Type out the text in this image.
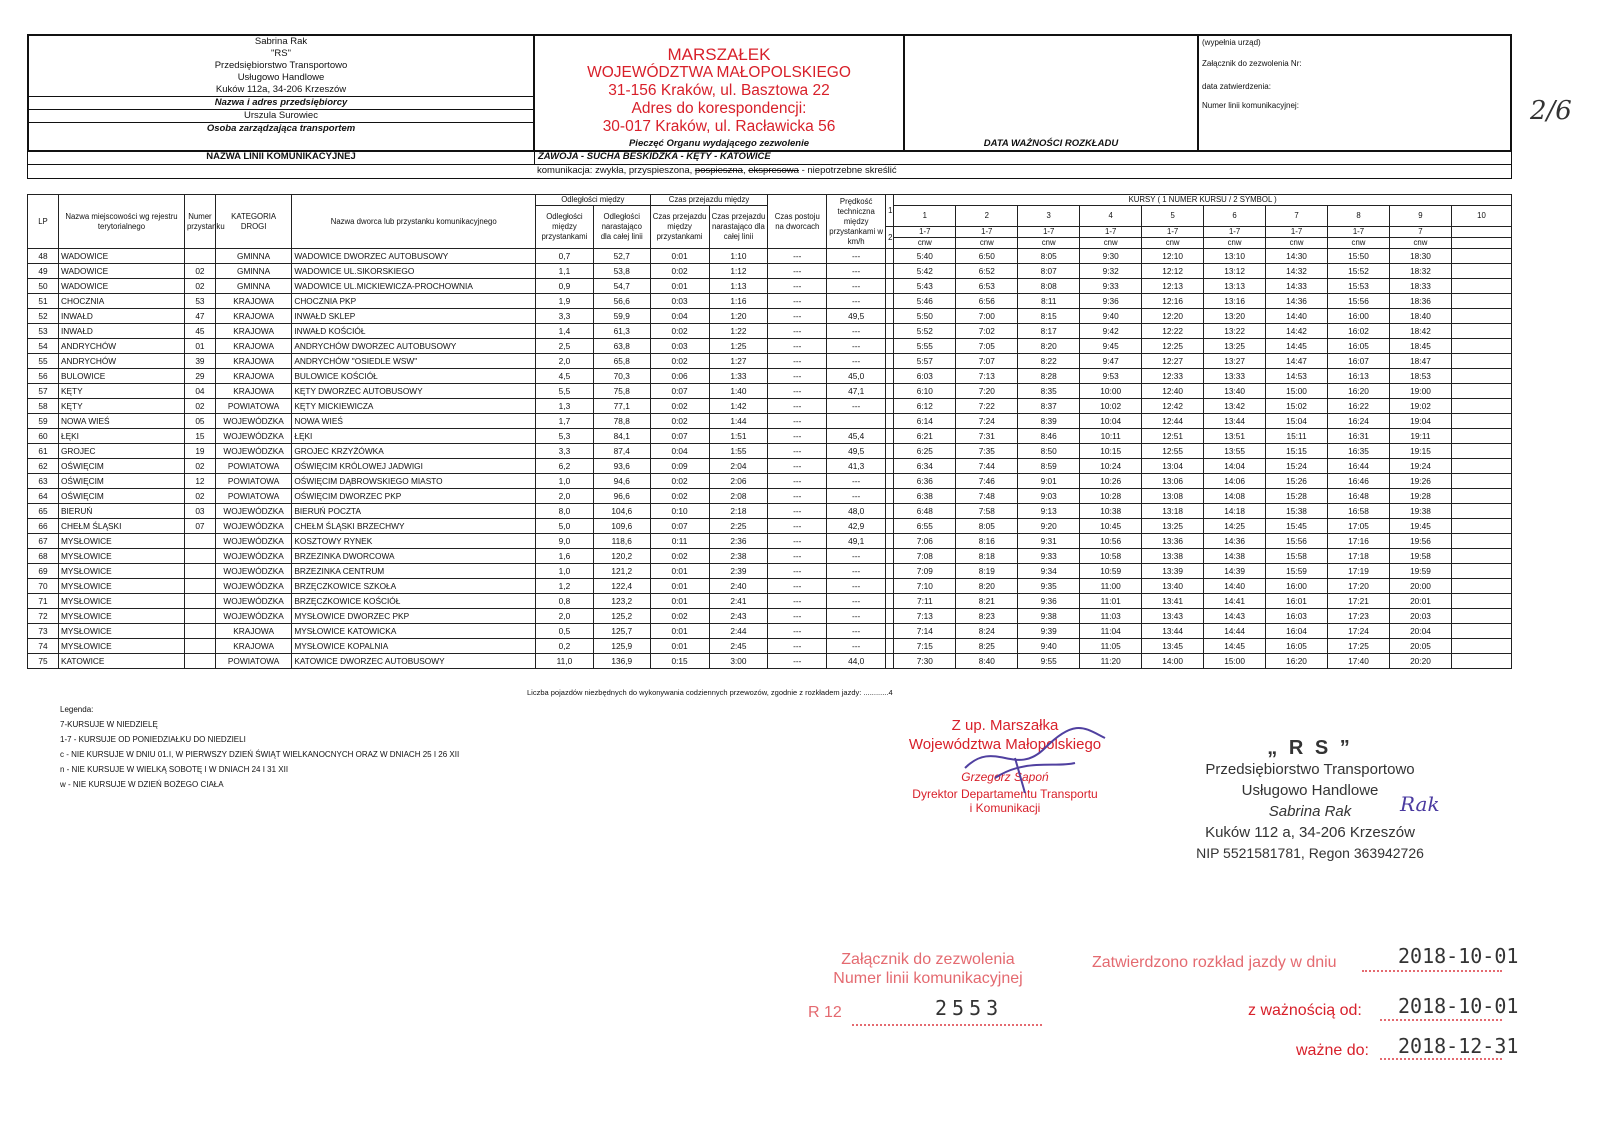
Sabrina Rak
"RS"
Przedsiębiorstwo Transportowo
Usługowo Handlowe
Kuków 112a, 34-206 Krzeszów
Nazwa i adres przedsiębiorcy
Urszula Surowiec
Osoba zarządzająca transportem
MARSZAŁEK
WOJEWÓDZTWA MAŁOPOLSKIEGO
31-156 Kraków, ul. Basztowa 22
Adres do korespondencji:
30-017 Kraków, ul. Racławicka 56
Pieczęć Organu wydającego zezwolenie	DATA WAŻNOŚCI ROZKŁADU
(wypełnia urząd)
Załącznik do zezwolenia Nr:
data zatwierdzenia:
Numer linii komunikacyjnej:	2/6
NAZWA LINII KOMUNIKACYJNEJ	ZAWOJA - SUCHA BESKIDZKA - KĘTY - KATOWICE
komunikacja: zwykła, przyspieszona, pospieszna, ekspresowa - niepotrzebne skreślić
LP	Nazwa miejscowości wg rejestru terytorialnego	Numer przystanku	KATEGORIA DROGI	Nazwa dworca lub przystanku komunikacyjnego	Odległości między		Czas przejazdu między		Czas postoju na dworcach	Prędkość techniczna między przystankami w km/h	1	KURSY ( 1 NUMER KURSU / 2 SYMBOL )									
					Odległości między przystankami	Odległości narastająco dla całej linii	Czas przejazdu między przystankami	Czas przejazdu narastająco dla całej linii				1	2	3	4	5	6	7	8	9	10
											2	1-7	1-7	1-7	1-7	1-7	1-7	1-7	1-7	7	
												cnw	cnw	cnw	cnw	cnw	cnw	cnw	cnw	cnw	
48	WADOWICE		GMINNA	WADOWICE DWORZEC AUTOBUSOWY	0,7	52,7	0:01	1:10	---	---		5:40	6:50	8:05	9:30	12:10	13:10	14:30	15:50	18:30	
49	WADOWICE	02	GMINNA	WADOWICE UL.SIKORSKIEGO	1,1	53,8	0:02	1:12	---	---		5:42	6:52	8:07	9:32	12:12	13:12	14:32	15:52	18:32	
50	WADOWICE	02	GMINNA	WADOWICE UL.MICKIEWICZA-PROCHOWNIA	0,9	54,7	0:01	1:13	---	---		5:43	6:53	8:08	9:33	12:13	13:13	14:33	15:53	18:33	
51	CHOCZNIA	53	KRAJOWA	CHOCZNIA PKP	1,9	56,6	0:03	1:16	---	---		5:46	6:56	8:11	9:36	12:16	13:16	14:36	15:56	18:36	
52	INWAŁD	47	KRAJOWA	INWAŁD SKLEP	3,3	59,9	0:04	1:20	---	49,5		5:50	7:00	8:15	9:40	12:20	13:20	14:40	16:00	18:40	
53	INWAŁD	45	KRAJOWA	INWAŁD KOŚCIÓŁ	1,4	61,3	0:02	1:22	---	---		5:52	7:02	8:17	9:42	12:22	13:22	14:42	16:02	18:42	
54	ANDRYCHÓW	01	KRAJOWA	ANDRYCHÓW DWORZEC AUTOBUSOWY	2,5	63,8	0:03	1:25	---	---		5:55	7:05	8:20	9:45	12:25	13:25	14:45	16:05	18:45	
55	ANDRYCHÓW	39	KRAJOWA	ANDRYCHÓW "OSIEDLE WSW"	2,0	65,8	0:02	1:27	---	---		5:57	7:07	8:22	9:47	12:27	13:27	14:47	16:07	18:47	
56	BULOWICE	29	KRAJOWA	BULOWICE KOŚCIÓŁ	4,5	70,3	0:06	1:33	---	45,0		6:03	7:13	8:28	9:53	12:33	13:33	14:53	16:13	18:53	
57	KĘTY	04	KRAJOWA	KĘTY DWORZEC AUTOBUSOWY	5,5	75,8	0:07	1:40	---	47,1		6:10	7:20	8:35	10:00	12:40	13:40	15:00	16:20	19:00	
58	KĘTY	02	POWIATOWA	KĘTY MICKIEWICZA	1,3	77,1	0:02	1:42	---	---		6:12	7:22	8:37	10:02	12:42	13:42	15:02	16:22	19:02	
59	NOWA WIEŚ	05	WOJEWÓDZKA	NOWA WIEŚ	1,7	78,8	0:02	1:44	---			6:14	7:24	8:39	10:04	12:44	13:44	15:04	16:24	19:04	
60	ŁĘKI	15	WOJEWÓDZKA	ŁĘKI	5,3	84,1	0:07	1:51	---	45,4		6:21	7:31	8:46	10:11	12:51	13:51	15:11	16:31	19:11	
61	GROJEC	19	WOJEWÓDZKA	GROJEC KRZYŻÓWKA	3,3	87,4	0:04	1:55	---	49,5		6:25	7:35	8:50	10:15	12:55	13:55	15:15	16:35	19:15	
62	OŚWIĘCIM	02	POWIATOWA	OŚWIĘCIM KRÓLOWEJ JADWIGI	6,2	93,6	0:09	2:04	---	41,3		6:34	7:44	8:59	10:24	13:04	14:04	15:24	16:44	19:24	
63	OŚWIĘCIM	12	POWIATOWA	OŚWIĘCIM DĄBROWSKIEGO MIASTO	1,0	94,6	0:02	2:06	---	---		6:36	7:46	9:01	10:26	13:06	14:06	15:26	16:46	19:26	
64	OŚWIĘCIM	02	POWIATOWA	OŚWIĘCIM DWORZEC PKP	2,0	96,6	0:02	2:08	---	---		6:38	7:48	9:03	10:28	13:08	14:08	15:28	16:48	19:28	
65	BIERUŃ	03	WOJEWÓDZKA	BIERUŃ POCZTA	8,0	104,6	0:10	2:18	---	48,0		6:48	7:58	9:13	10:38	13:18	14:18	15:38	16:58	19:38	
66	CHEŁM ŚLĄSKI	07	WOJEWÓDZKA	CHEŁM ŚLĄSKI BRZECHWY	5,0	109,6	0:07	2:25	---	42,9		6:55	8:05	9:20	10:45	13:25	14:25	15:45	17:05	19:45	
67	MYSŁOWICE		WOJEWÓDZKA	KOSZTOWY RYNEK	9,0	118,6	0:11	2:36	---	49,1		7:06	8:16	9:31	10:56	13:36	14:36	15:56	17:16	19:56	
68	MYSŁOWICE		WOJEWÓDZKA	BRZEZINKA DWORCOWA	1,6	120,2	0:02	2:38	---	---		7:08	8:18	9:33	10:58	13:38	14:38	15:58	17:18	19:58	
69	MYSŁOWICE		WOJEWÓDZKA	BRZEZINKA CENTRUM	1,0	121,2	0:01	2:39	---	---		7:09	8:19	9:34	10:59	13:39	14:39	15:59	17:19	19:59	
70	MYSŁOWICE		WOJEWÓDZKA	BRZĘCZKOWICE SZKOŁA	1,2	122,4	0:01	2:40	---	---		7:10	8:20	9:35	11:00	13:40	14:40	16:00	17:20	20:00	
71	MYSŁOWICE		WOJEWÓDZKA	BRZĘCZKOWICE KOŚCIÓŁ	0,8	123,2	0:01	2:41	---	---		7:11	8:21	9:36	11:01	13:41	14:41	16:01	17:21	20:01	
72	MYSŁOWICE		WOJEWÓDZKA	MYSŁOWICE DWORZEC PKP	2,0	125,2	0:02	2:43	---	---		7:13	8:23	9:38	11:03	13:43	14:43	16:03	17:23	20:03	
73	MYSŁOWICE		KRAJOWA	MYSŁOWICE KATOWICKA	0,5	125,7	0:01	2:44	---	---		7:14	8:24	9:39	11:04	13:44	14:44	16:04	17:24	20:04	
74	MYSŁOWICE		KRAJOWA	MYSŁOWICE KOPALNIA	0,2	125,9	0:01	2:45	---	---		7:15	8:25	9:40	11:05	13:45	14:45	16:05	17:25	20:05	
75	KATOWICE		POWIATOWA	KATOWICE DWORZEC AUTOBUSOWY	11,0	136,9	0:15	3:00	---	44,0		7:30	8:40	9:55	11:20	14:00	15:00	16:20	17:40	20:20	
Liczba pojazdów niezbędnych do wykonywania codziennych przewozów, zgodnie z rozkładem jazdy: ............4
Legenda:
7-KURSUJE W NIEDZIELĘ
1-7 - KURSUJE OD PONIEDZIAŁKU DO NIEDZIELI
c - NIE KURSUJE W DNIU 01.I, W PIERWSZY DZIEŃ ŚWIĄT WIELKANOCNYCH ORAZ W DNIACH 25 I 26 XII
n - NIE KURSUJE W WIELKĄ SOBOTĘ I W DNIACH 24 I 31 XII
w - NIE KURSUJE W DZIEŃ BOŻEGO CIAŁA
Z up. Marszałka
Województwa Małopolskiego
Grzegorz Sapoń
Dyrektor Departamentu Transportu
i Komunikacji
„ R S ”
Przedsiębiorstwo Transportowo
Usługowo Handlowe
Sabrina Rak
Kuków 112 a, 34-206 Krzeszów
NIP 5521581781, Regon 363942726
Rak
Załącznik do zezwolenia
Numer linii komunikacyjnej
R 12	2553
Zatwierdzono rozkład jazdy w dniu	2018-10-01
z ważnością od: 2018-10-01
ważne do: 2018-12-31
